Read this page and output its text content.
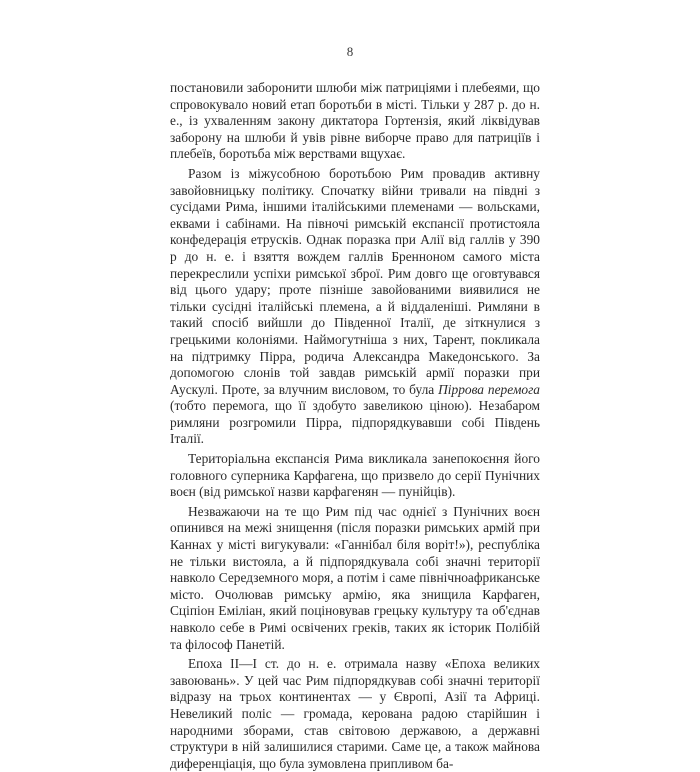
8

постановили заборонити шлюби між патриціями і плебеями, що спровокувало новий етап боротьби в місті. Тільки у 287 р. до н. е., із ухваленням закону диктатора Гортензія, який ліквідував заборону на шлюби й увів рівне виборче право для патриціїв і плебеїв, боротьба між верствами вщухає.

Разом із міжусобною боротьбою Рим провадив активну завойовницьку політику. Спочатку війни тривали на півдні з сусідами Рима, іншими італійськими племенами — вольсками, еквами і сабінами. На півночі римській експансії протистояла конфедерація етрусків. Однак поразка при Алії від галлів у 390 р до н. е. і взяття вождем галлів Бренноном самого міста перекреслили успіхи римської зброї. Рим довго ще оговтувався від цього удару; проте пізніше завойованими виявилися не тільки сусідні італійські племена, а й віддаленіші. Римляни в такий спосіб вийшли до Південної Італії, де зіткнулися з грецькими колоніями. Наймогутніша з них, Тарент, покликала на підтримку Пірра, родича Александра Македонського. За допомогою слонів той завдав римській армії поразки при Аускулі. Проте, за влучним висловом, то була Піррова перемога (тобто перемога, що її здобуто завеликою ціною). Незабаром римляни розгромили Пірра, підпорядкувавши собі Південь Італії.

Територіальна експансія Рима викликала занепокоєння його головного суперника Карфагена, що призвело до серії Пунічних воєн (від римської назви карфагенян — пунійців).

Незважаючи на те що Рим під час однієї з Пунічних воєн опинився на межі знищення (після поразки римських армій при Каннах у місті вигукували: «Ганнібал біля воріт!»), республіка не тільки вистояла, а й підпорядкувала собі значні території навколо Середземного моря, а потім і саме північноафриканське місто. Очолював римську армію, яка знищила Карфаген, Сціпіон Еміліан, який поціновував грецьку культуру та об'єднав навколо себе в Римі освічених греків, таких як історик Полібій та філософ Панетій.

Епоха II—I ст. до н. е. отримала назву «Епоха великих завоювань». У цей час Рим підпорядкував собі значні території відразу на трьох континентах — у Європі, Азії та Африці. Невеликий поліс — громада, керована радою старійшин і народними зборами, став світовою державою, а державні структури в ній залишилися старими. Саме це, а також майнова диференціація, що була зумовлена припливом ба-
